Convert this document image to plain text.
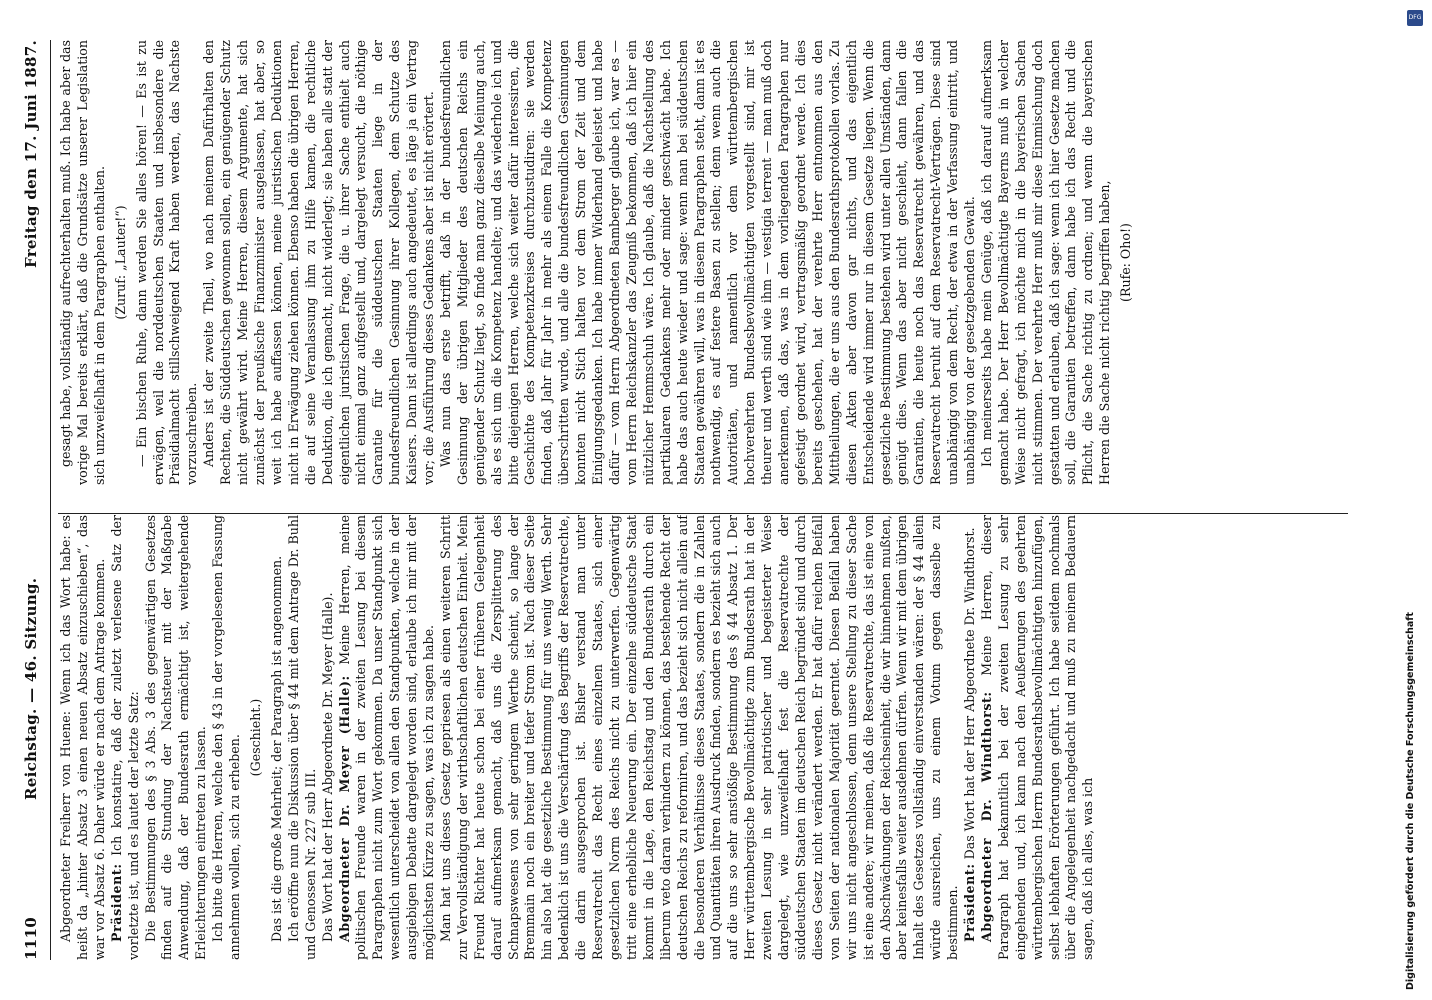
1110
Reichstag. — 46. Sitzung.
Freitag den 17. Juni 1887.

Abgeordneter Freiherr von Huene: Wenn ich das Wort habe: es heißt da „hinter Absatz 3 einen neuen Absatz einzuschieben“, das war vor Absatz 6. Daher würde er nach dem Antrage kommen. Präsident: Ich konstatire, daß der zuletzt verlesene Satz der vorletzte ist, und es lautet der letzte Satz: Die Bestimmungen des § 3 Abs. 3 des gegenwärtigen Gesetzes finden auf die Stundung der Nachsteuer mit der Maßgabe Anwendung, daß der Bundesrath ermächtigt ist, weitergehende Erleichterungen eintreten zu lassen. Ich bitte die Herren, welche den § 43 in der vorgelesenen Fassung annehmen wollen, sich zu erheben. (Geschieht.) Das ist die große Mehrheit; der Paragraph ist angenommen. Ich eröffne nun die Diskussion über § 44 mit dem Antrage Dr. Buhl und Genossen Nr. 227 sub III. Das Wort hat der Herr Abgeordnete Dr. Meyer (Halle). Abgeordneter Dr. Meyer (Halle): Meine Herren, meine politischen Freunde waren in der zweiten Lesung bei diesem Paragraphen nicht zum Wort gekommen. Da unser Standpunkt sich wesentlich unterscheidet von allen den Standpunkten, welche in der ausgiebigen Debatte dargelegt worden sind, erlaube ich mir mit der möglichsten Kürze zu sagen, was ich zu sagen habe. Man hat uns dieses Gesetz gepriesen als einen weiteren Schritt zur Vervollständigung der wirthschaftlichen deutschen Einheit. Mein Freund Richter hat heute schon bei einer früheren Gelegenheit darauf aufmerksam gemacht, daß uns die Zersplitterung des Schnapswesens von sehr geringem Werthe scheint, so lange der Bremmain noch ein breiter und tiefer Strom ist. Nach dieser Seite hin also hat die gesetzliche Bestimmung für uns wenig Werth. Sehr bedenklich ist uns die Verschärfung des Begriffs der Reservatrechte, die darin ausgesprochen ist. Bisher verstand man unter Reservatrecht das Recht eines einzelnen Staates, sich einer gesetzlichen Norm des Reichs nicht zu unterwerfen. Gegenwärtig tritt eine erhebliche Neuerung ein. Der einzelne süddeutsche Staat kommt in die Lage, den Reichstag und den Bundesrath durch ein liberum veto daran verhindern zu können, das bestehende Recht der deutschen Reichs zu reformiren, und das bezieht sich nicht allein auf die besonderen Verhältnisse dieses Staates, sondern die in Zahlen und Quantitäten ihren Ausdruck finden, sondern es bezieht sich auch auf die uns so sehr anstößige Bestimmung des § 44 Absatz 1. Der Herr württembergische Bevollmächtigte zum Bundesrath hat in der zweiten Lesung in sehr patriotischer und begeisterter Weise dargelegt, wie unzweifelhaft fest die Reservatrechte der süddeutschen Staaten im deutschen Reich begründet sind und durch dieses Gesetz nicht verändert werden. Er hat dafür reichen Beifall von Seiten der nationalen Majorität geerntet. Diesen Beifall haben wir uns nicht angeschlossen, denn unsere Stellung zu dieser Sache ist eine andere; wir meinen, daß die Reservatrechte, das ist eine von den Abschwächungen der Reichseinheit, die wir hinnehmen mußten, aber keinesfalls weiter ausdehnen dürfen. Wenn wir mit dem übrigen Inhalt des Gesetzes vollständig einverstanden wären: der § 44 allein würde ausreichen, uns zu einem Votum gegen dasselbe zu bestimmen. Präsident: Das Wort hat der Herr Abgeordnete Dr. Windthorst. Abgeordneter Dr. Windthorst: Meine Herren, dieser Paragraph hat bekanntlich bei der zweiten Lesung zu sehr eingehenden und, ich kann nach den Aeußerungen des geehrten württembergischen Herrn Bundesrathsbevollmächtigten hinzufügen, selbst lebhaften Erörterungen geführt. Ich habe seitdem nochmals über die Angelegenheit nachgedacht und muß zu meinem Bedauern sagen, daß ich alles, was ich

gesagt habe, vollständig aufrechterhalten muß. Ich habe aber das vorige Mal bereits erklärt, daß die Grundsätze unserer Legislation sich unzweifelhaft in dem Paragraphen enthalten. (Zuruf: „Lauter!“) — Ein bischen Ruhe, dann werden Sie alles hören! — Es ist zu erwägen, weil die norddeutschen Staaten und insbesondere die Präsidialmacht stillschweigend Kraft haben werden, das Nachste vorzuschreiben. Anders ist der zweite Theil, wo nach meinem Dafürhalten den Rechten, die Süddeutschen gewonnen sollen, ein genügender Schutz nicht gewährt wird. Meine Herren, diesem Argumente, hat sich zunächst der preußische Finanzminister ausgelassen, hat aber, so weit ich habe auffassen können, meine juristischen Deduktionen nicht in Erwägung ziehen können. Ebenso haben die übrigen Herren, die auf seine Veranlassung ihm zu Hilfe kamen, die rechtliche Deduktion, die ich gemacht, nicht widerlegt; sie haben alle statt der eigentlichen juristischen Frage, die u. ihrer Sache enthielt auch nicht einmal ganz aufgestellt und, dargelegt versucht, die nöthige Garantie für die süddeutschen Staaten liege in der bundesfreundlichen Gesinnung ihrer Kollegen, dem Schutze des Kaisers. Dann ist allerdings auch angedeutet, es läge ja ein Vertrag vor; die Ausführung dieses Gedankens aber ist nicht erörtert. Was nun das erste betrifft, daß in der bundesfreundlichen Gesinnung der übrigen Mitglieder des deutschen Reichs ein genügender Schutz liegt, so finde man ganz dieselbe Meinung auch, als es sich um die Kompetenz handelte; und das wiederhole ich und bitte diejenigen Herren, welche sich weiter dafür interessiren, die Geschichte des Kompetenzkreises durchzustudiren: sie werden finden, daß Jahr für Jahr in mehr als einem Falle die Kompetenz überschritten wurde, und alle die bundesfreundlichen Gesinnungen konnten nicht Stich halten vor dem Strom der Zeit und dem Einigungsgedanken. Ich habe immer Widerhand geleistet und habe dafür — vom Herrn Abgeordneten Bamberger glaube ich, war es — vom Herrn Reichskanzler das Zeugniß bekommen, daß ich hier ein nützlicher Hemmschuh wäre. Ich glaube, daß die Nachstellung des partikularen Gedankens mehr oder minder geschwächt habe. Ich habe das auch heute wieder und sage: wenn man bei süddeutschen Staaten gewähren will, was in diesem Paragraphen steht, dann ist es nothwendig, es auf festere Basen zu stellen; denn wenn auch die Autoritäten, und namentlich vor dem württembergischen hochverehrten Bundesbevollmächtigten vorgestellt sind, mir ist theurer und werth sind wie ihm — vestigia terrent — man muß doch anerkennen, daß das, was in dem vorliegenden Paragraphen nur gefestigt geordnet wird, vertragsmäßig geordnet werde. Ich dies bereits geschehen, hat der verehrte Herr entnommen aus den Mittheilungen, die er uns aus den Bundesrathsprotokollen vorlas. Zu diesen Akten aber davon gar nichts, und das eigentlich Entscheidende wird immer nur in diesem Gesetze liegen. Wenn die gesetzliche Bestimmung bestehen wird unter allen Umständen, dann genügt dies. Wenn das aber nicht geschieht, dann fallen die Garantien, die heute noch das Reservatrecht gewähren, und das Reservatrecht beruht auf dem Reservatrecht-Verträgen. Diese sind unabhängig von dem Recht, der etwa in der Verfassung eintritt, und unabhängig von der gesetzgebenden Gewalt. Ich meinerseits habe mein Genüge, daß ich darauf aufmerksam gemacht habe. Der Herr Bevollmächtigte Bayerns muß in welcher Weise nicht gefragt, ich möchte mich in die bayerischen Sachen nicht stimmen. Der verehrte Herr muß mir diese Einmischung doch gestatten und erlauben, daß ich sage: wenn ich hier Gesetze machen soll, die Garantien betreffen, dann habe ich das Recht und die Pflicht, die Sache richtig zu ordnen; und wenn die bayerischen Herren die Sache nicht richtig begriffen haben, (Rufe: Oho!)

DFG
Digitalisierung gefördert durch die Deutsche Forschungsgemeinschaft
